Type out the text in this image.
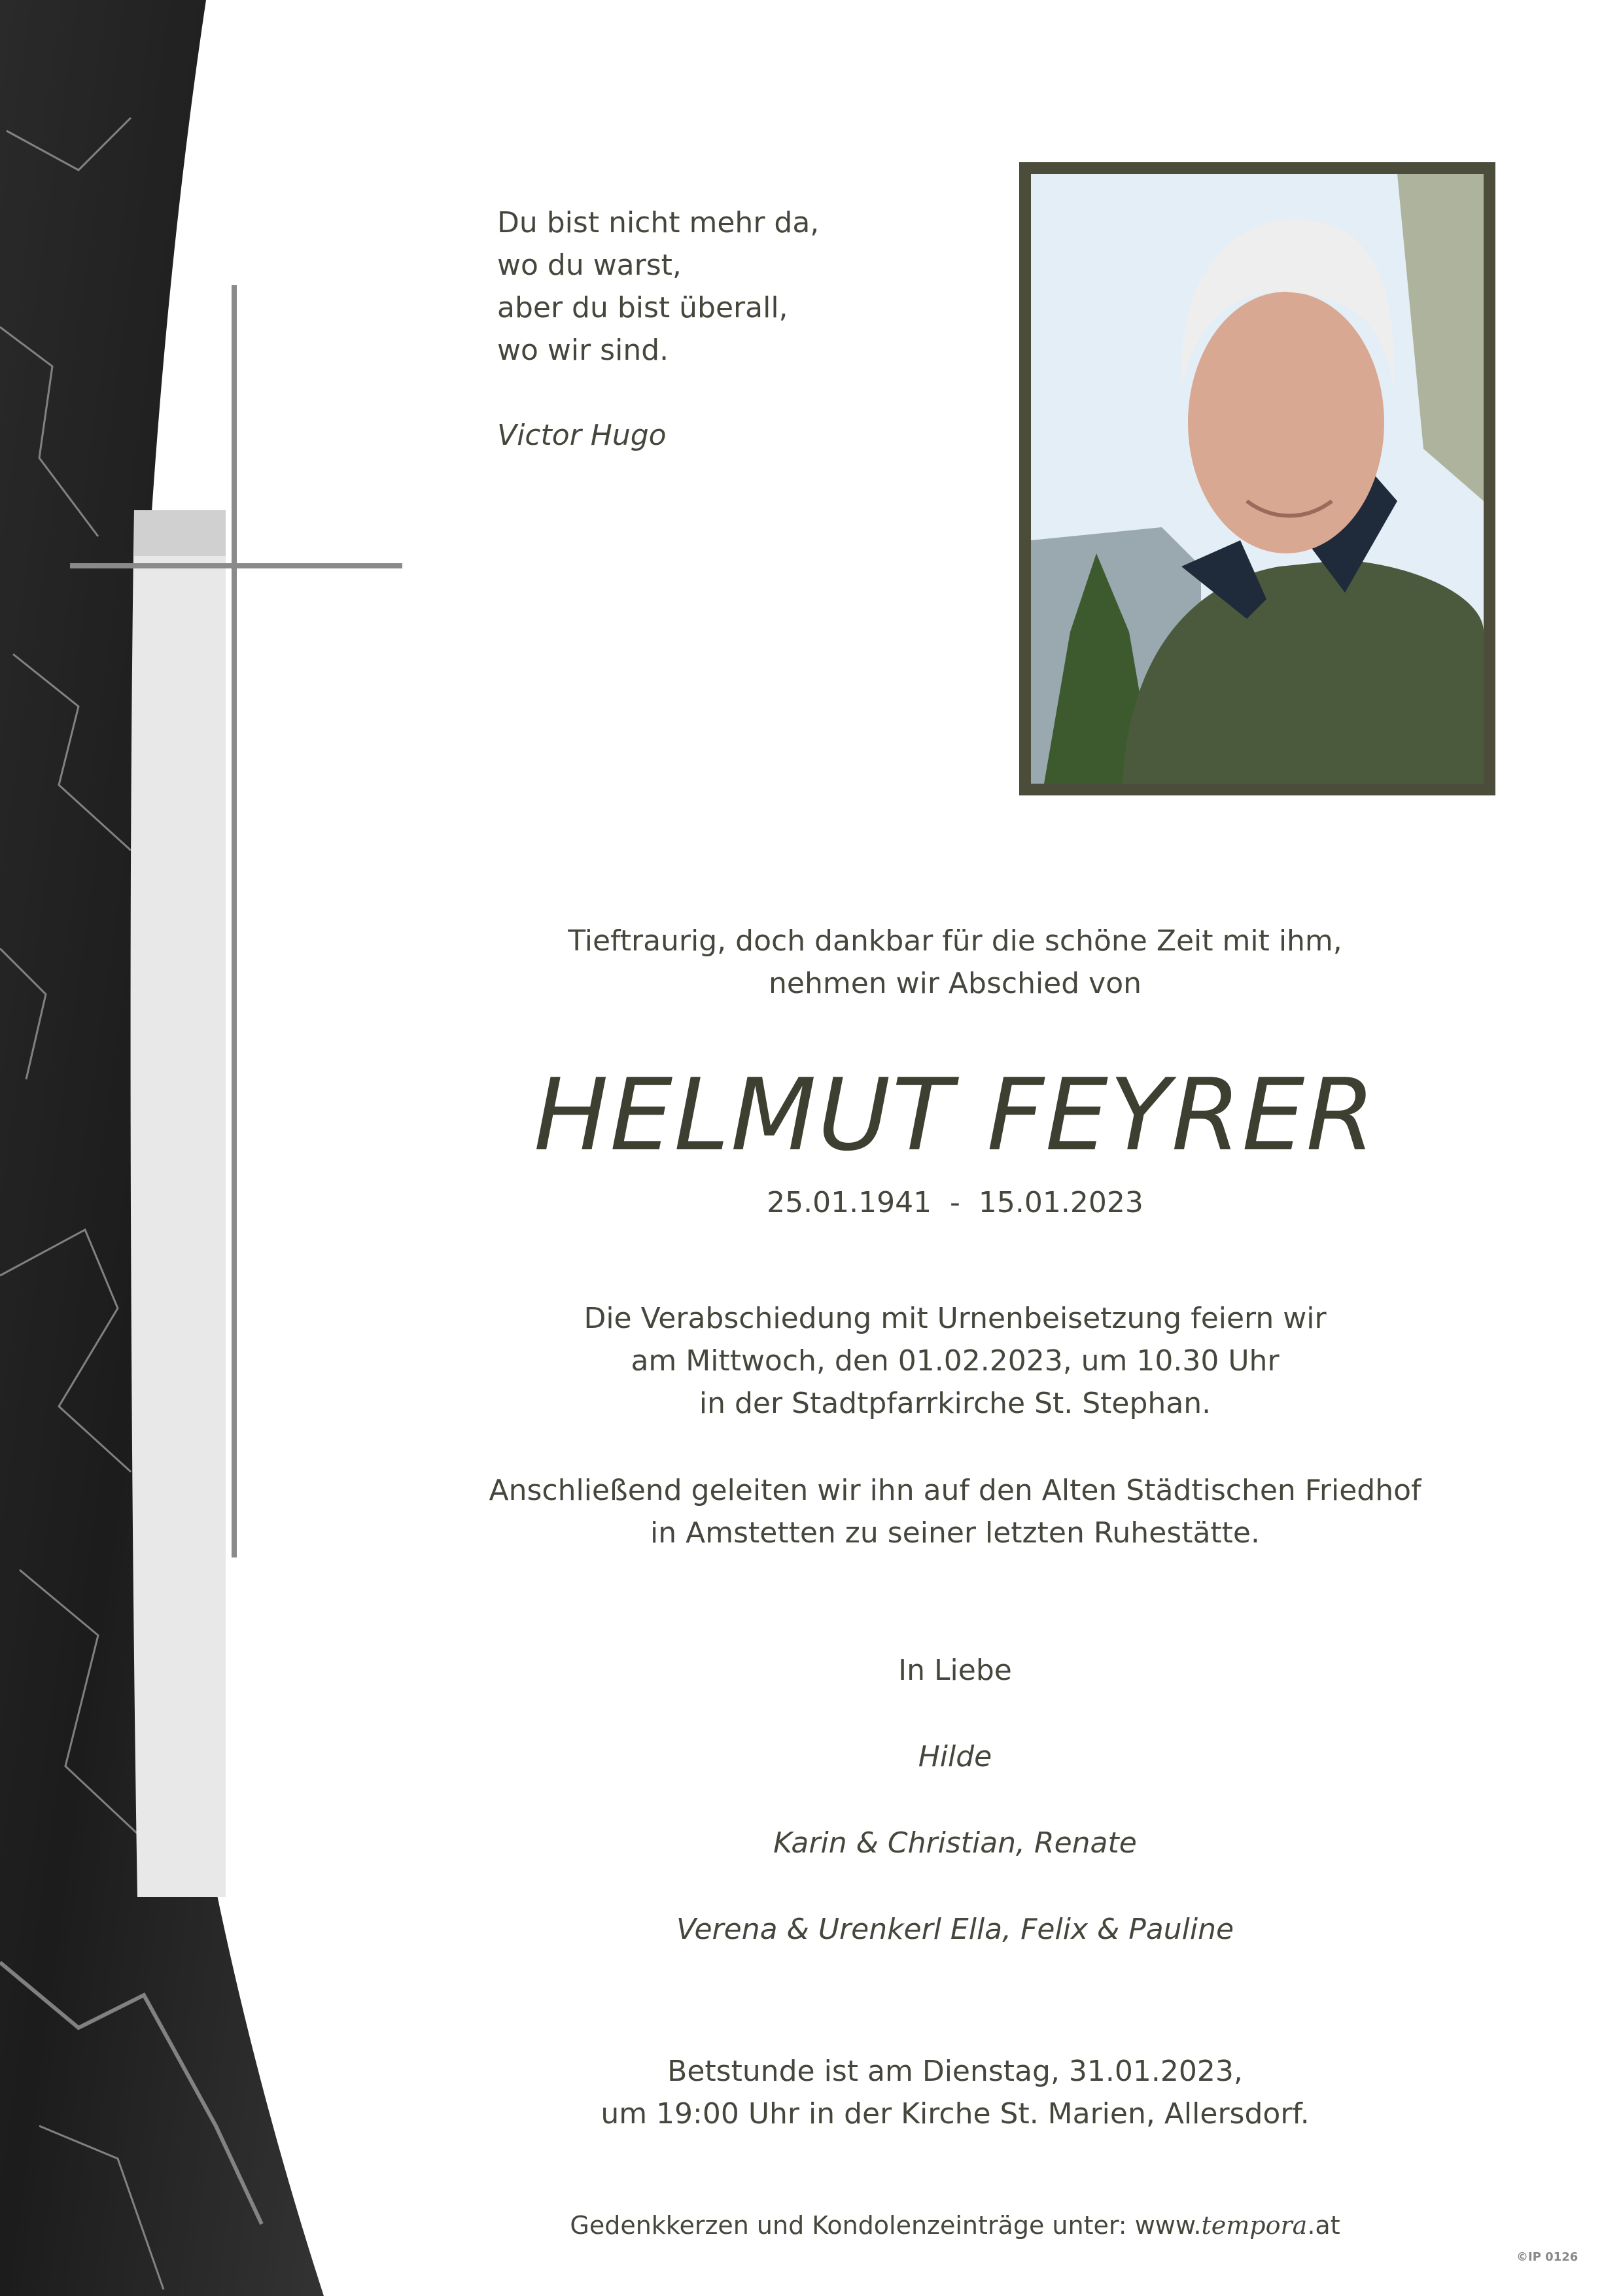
Du bist nicht mehr da,
wo du warst,
aber du bist überall,
wo wir sind.
Victor Hugo
Tieftraurig, doch dankbar für die schöne Zeit mit ihm,
nehmen wir Abschied von
HELMUT FEYRER
25.01.1941  -  15.01.2023
Die Verabschiedung mit Urnenbeisetzung feiern wir
am Mittwoch, den 01.02.2023, um 10.30 Uhr
in der Stadtpfarrkirche St. Stephan.
Anschließend geleiten wir ihn auf den Alten Städtischen Friedhof
in Amstetten zu seiner letzten Ruhestätte.
In Liebe
Hilde
Karin & Christian, Renate
Verena & Urenkerl Ella, Felix & Pauline
Betstunde ist am Dienstag, 31.01.2023,
um 19:00 Uhr in der Kirche St. Marien, Allersdorf.
Gedenkkerzen und Kondolenzeinträge unter: www.tempora.at
©IP 0126
